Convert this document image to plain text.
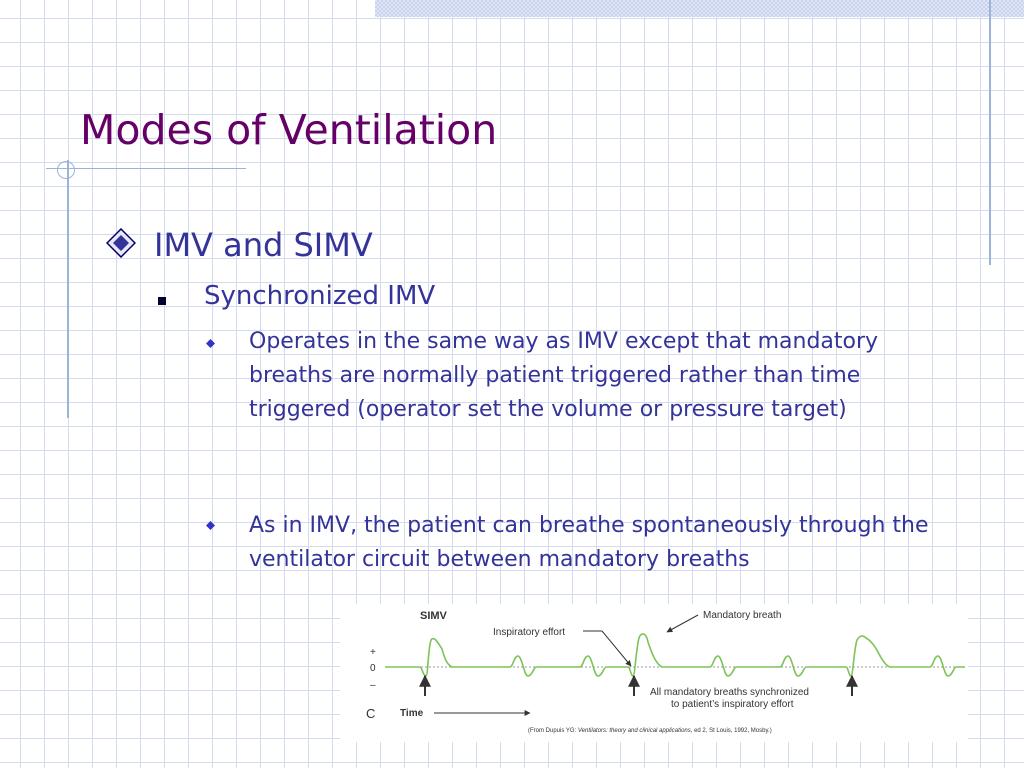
Modes of Ventilation
IMV and SIMV
Synchronized IMV
Operates in the same way as IMV except that mandatory breaths are normally patient triggered rather than time triggered (operator set the volume or pressure target)
As in IMV, the patient can breathe spontaneously through the ventilator circuit between mandatory breaths
SIMV
+
0
–
Inspiratory effort
Mandatory breath
All mandatory breaths synchronized
to patient’s inspiratory effort
C Time
(From Dupuis YG: Ventilators: theory and clinical applications, ed 2, St Louis, 1992, Mosby.)
